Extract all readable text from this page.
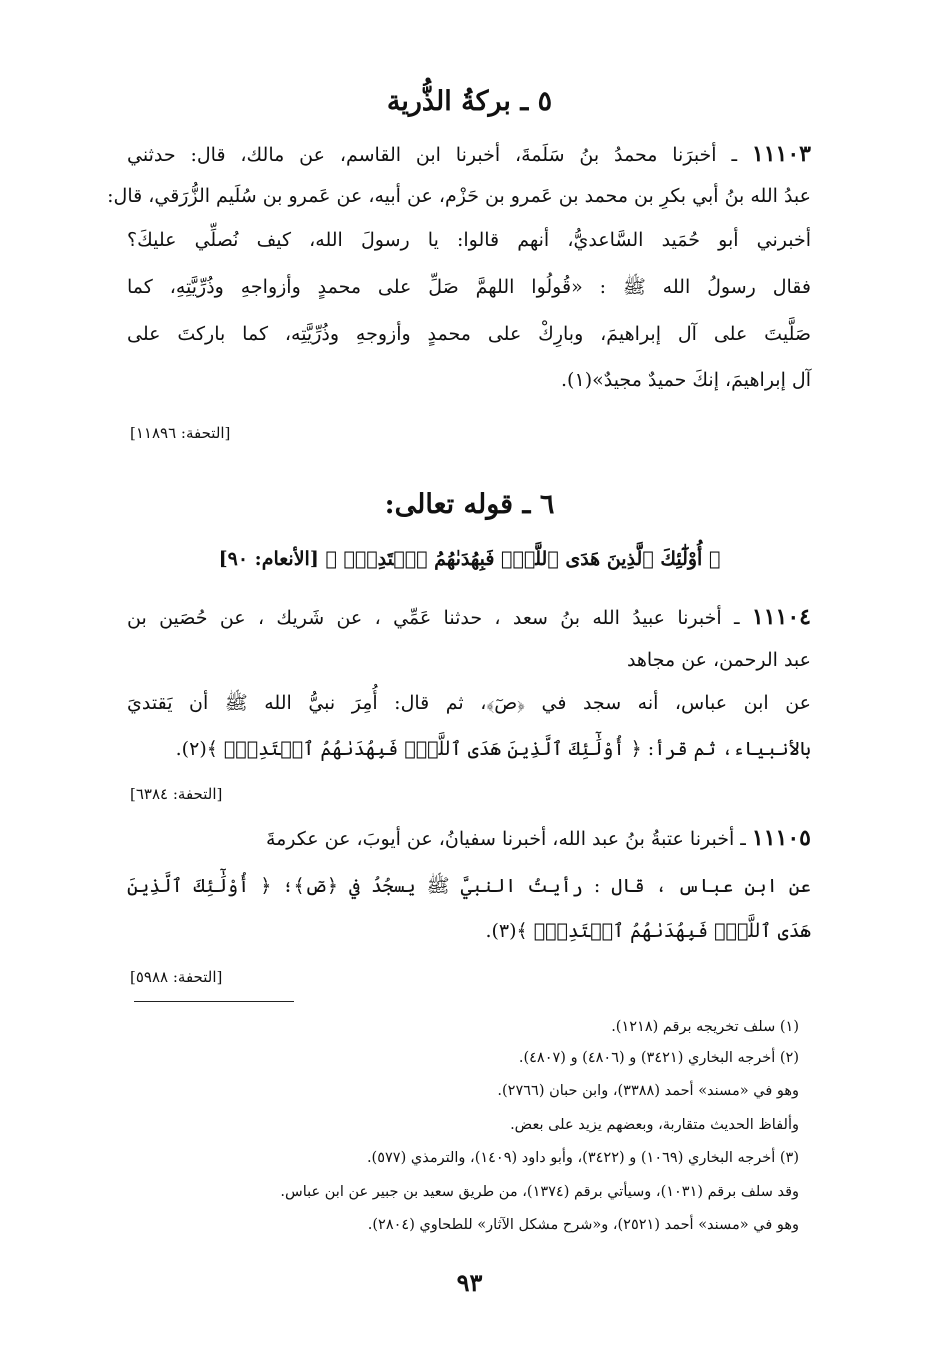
٥ ـ بركةُ الذُّرية
١١١٠٣ ـ أخبرَنا محمدُ بنُ سَلَمةَ، أخبرنا ابن القاسم، عن مالك، قال: حدثني
عبدُ الله بنُ أبي بكرِ بن محمد بن عَمرو بن حَزْم، عن أبيه، عن عَمرو بن سُلَيم الزُّرَقي، قال:
أخبرني أبو حُمَيد السَّاعديُّ، أنهم قالوا: يا رسولَ الله، كيف نُصلِّي عليكَ؟
فقال رسولُ الله ﷺ : «قُولُوا اللهمَّ صَلِّ على محمدٍ وأزواجهِ وذُرِّيَّتِهِ، كما
صَلَّيتَ على آل إبراهيمَ، وبارِكْ على محمدٍ وأزوجهِ وذُرِّيَّتِه، كما باركتَ على
آل إبراهيمَ، إنكَ حميدٌ مجيدٌ»(١).
[التحفة: ١١٨٩٦]
٦ ـ قوله تعالى:
﴿ أُوْلَٰٓئِكَ ٱلَّذِينَ هَدَى ٱللَّهُۖ فَبِهُدَىٰهُمُ ٱقۡتَدِهۡۗ ﴾ [الأنعام: ٩٠]
١١١٠٤ ـ أخبرنا عبيدُ الله بنُ سعد ، حدثنا عَمِّي ، عن شَريك ، عن حُصَين بن
عبد الرحمن، عن مجاهد
عن ابن عباس، أنه سجد في ﴿صٓ﴾، ثم قال: أُمِرَ نبيُّ الله ﷺ أن يَقتديَ
بالأنبياء، ثم قرأ: ﴿ أُوْلَٰٓئِكَ ٱلَّذِينَ هَدَى ٱللَّهُۖ فَبِهُدَىٰهُمُ ٱقۡتَدِهۡۗ ﴾(٢).
[التحفة: ٦٣٨٤]
١١١٠٥ ـ أخبرنا عتبةُ بنُ عبد الله، أخبرنا سفيانُ، عن أيوبَ، عن عكرمةَ
عن ابن عباس ، قال : رأيتُ النبيَّ ﷺ يسجُدُ في ﴿صٓ﴾؛ ﴿ أُوْلَٰٓئِكَ ٱلَّذِينَ
هَدَى ٱللَّهُۖ فَبِهُدَىٰهُمُ ٱقۡتَدِهۡۗ ﴾(٣).
[التحفة: ٥٩٨٨]
(١) سلف تخريجه برقم (١٢١٨).
(٢) أخرجه البخاري (٣٤٢١) و (٤٨٠٦) و (٤٨٠٧).
وهو في «مسند» أحمد (٣٣٨٨)، وابن حبان (٢٧٦٦).
وألفاظ الحديث متقاربة، وبعضهم يزيد على بعض.
(٣) أخرجه البخاري (١٠٦٩) و (٣٤٢٢)، وأبو داود (١٤٠٩)، والترمذي (٥٧٧).
وقد سلف برقم (١٠٣١)، وسيأتي برقم (١٣٧٤)، من طريق سعيد بن جبير عن ابن عباس.
وهو في «مسند» أحمد (٢٥٢١)، و«شرح مشكل الآثار» للطحاوي (٢٨٠٤).
٩٣
